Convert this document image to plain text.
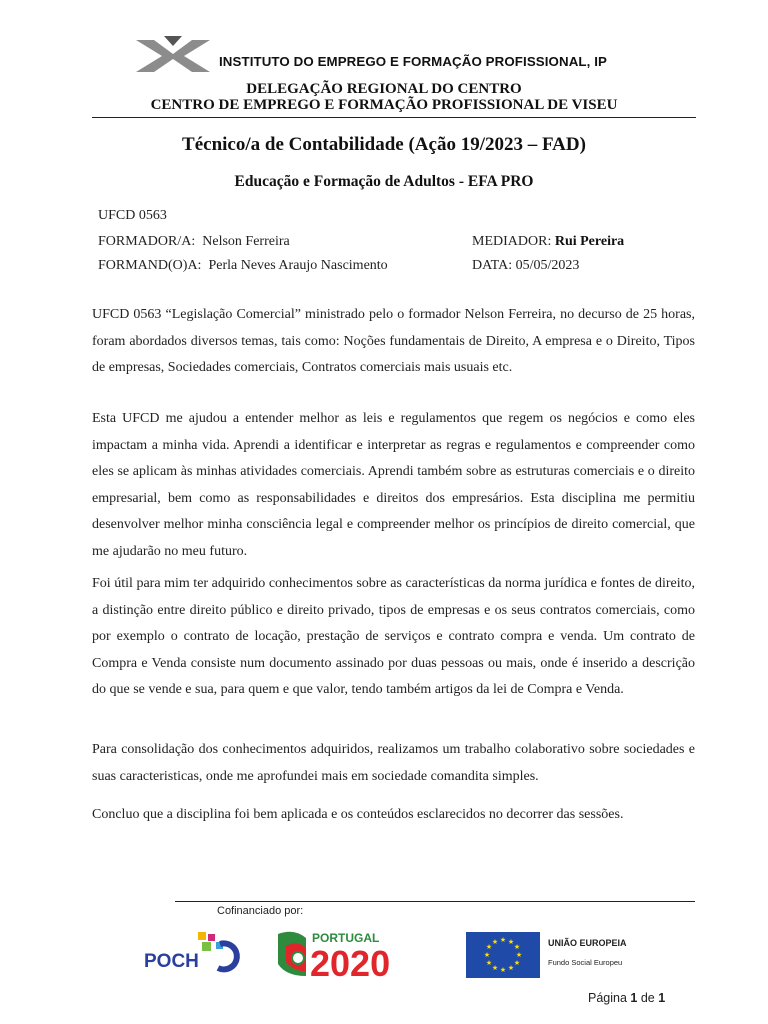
INSTITUTO DO EMPREGO E FORMAÇÃO PROFISSIONAL, IP
DELEGAÇÃO REGIONAL DO CENTRO
CENTRO DE EMPREGO E FORMAÇÃO PROFISSIONAL DE VISEU
Técnico/a de Contabilidade (Ação 19/2023 – FAD)
Educação e Formação de Adultos - EFA PRO
UFCD 0563
FORMADOR/A: Nelson Ferreira	MEDIADOR: Rui Pereira
FORMAND(O)A: Perla Neves Araujo Nascimento	DATA: 05/05/2023

UFCD 0563 “Legislação Comercial” ministrado pelo o formador Nelson Ferreira, no decurso de 25 horas, foram abordados diversos temas, tais como: Noções fundamentais de Direito, A empresa e o Direito, Tipos de empresas, Sociedades comerciais, Contratos comerciais mais usuais etc.

Esta UFCD me ajudou a entender melhor as leis e regulamentos que regem os negócios e como eles impactam a minha vida. Aprendi a identificar e interpretar as regras e regulamentos e compreender como eles se aplicam às minhas atividades comerciais. Aprendi também sobre as estruturas comerciais e o direito empresarial, bem como as responsabilidades e direitos dos empresários. Esta disciplina me permitiu desenvolver melhor minha consciência legal e compreender melhor os princípios de direito comercial, que me ajudarão no meu futuro.

Foi útil para mim ter adquirido conhecimentos sobre as características da norma jurídica e fontes de direito, a distinção entre direito público e direito privado, tipos de empresas e os seus contratos comerciais, como por exemplo o contrato de locação, prestação de serviços e contrato compra e venda. Um contrato de Compra e Venda consiste num documento assinado por duas pessoas ou mais, onde é inserido a descrição do que se vende e sua, para quem e que valor, tendo também artigos da lei de Compra e Venda.

Para consolidação dos conhecimentos adquiridos, realizamos um trabalho colaborativo sobre sociedades e suas caracteristicas, onde me aprofundei mais em sociedade comandita simples.

Concluo que a disciplina foi bem aplicada e os conteúdos esclarecidos no decorrer das sessões.

Cofinanciado por:
POCH
PORTUGAL
2020
★ ★
★
★
★
★
★
★
★
★
★
★	UNIÃO EUROPEIA
Fundo Social Europeu
Página 1 de 1
